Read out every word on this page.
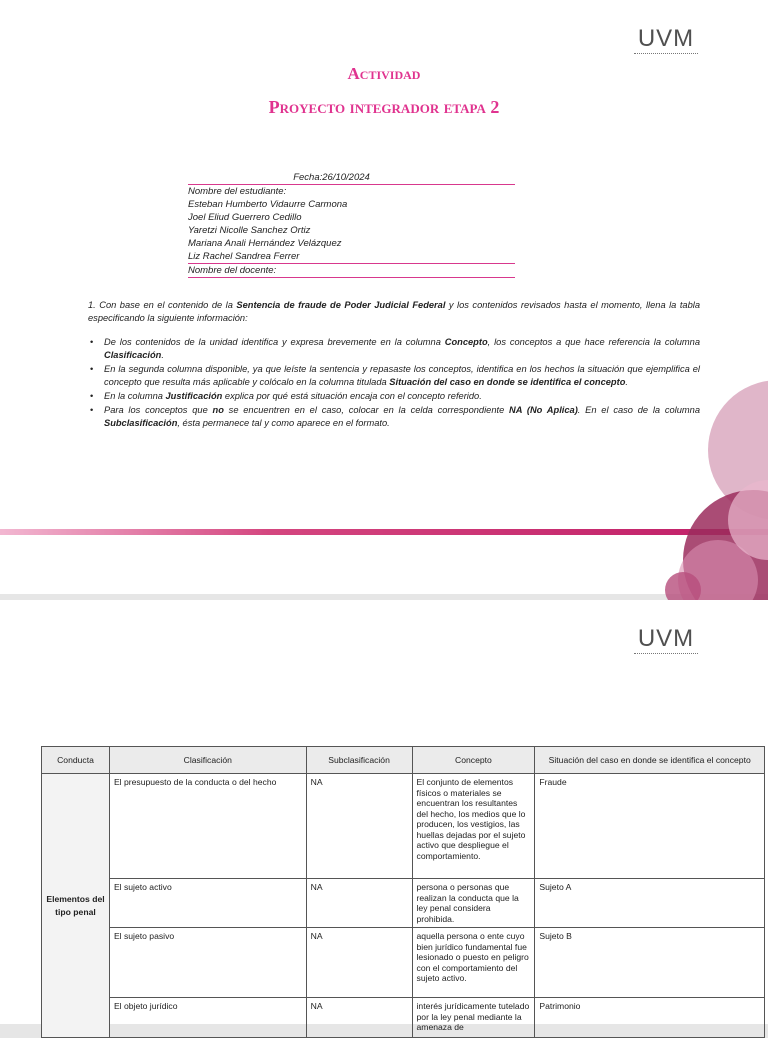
UVM
Actividad
Proyecto integrador etapa 2
Fecha:26/10/2024
Nombre del estudiante:
Esteban Humberto Vidaurre Carmona
Joel Eliud Guerrero Cedillo
Yaretzi Nicolle Sanchez Ortiz
Mariana Anali Hernández Velázquez
Liz Rachel Sandrea Ferrer
Nombre del docente:
1. Con base en el contenido de la Sentencia de fraude de Poder Judicial Federal y los contenidos revisados hasta el momento, llena la tabla especificando la siguiente información:
• De los contenidos de la unidad identifica y expresa brevemente en la columna Concepto, los conceptos a que hace referencia la columna Clasificación.
• En la segunda columna disponible, ya que leíste la sentencia y repasaste los conceptos, identifica en los hechos la situación que ejemplifica el concepto que resulta más aplicable y colócalo en la columna titulada Situación del caso en donde se identifica el concepto.
• En la columna Justificación explica por qué está situación encaja con el concepto referido.
• Para los conceptos que no se encuentren en el caso, colocar en la celda correspondiente NA (No Aplica). En el caso de la columna Subclasificación, ésta permanece tal y como aparece en el formato.
UVM
Conducta	Clasificación	Subclasificación	Concepto	Situación del caso en donde se identifica el concepto
Elementos del tipo penal	El presupuesto de la conducta o del hecho	NA	El conjunto de elementos físicos o materiales se encuentran los resultantes del hecho, los medios que lo producen, los vestigios, las huellas dejadas por el sujeto activo que despliegue el comportamiento.	Fraude
	El sujeto activo	NA	persona o personas que realizan la conducta que la ley penal considera prohibida.	Sujeto A
	El sujeto pasivo	NA	aquella persona o ente cuyo bien jurídico fundamental fue lesionado o puesto en peligro con el comportamiento del sujeto activo.	Sujeto B
	El objeto jurídico	NA	interés jurídicamente tutelado por la ley penal mediante la amenaza de	Patrimonio
